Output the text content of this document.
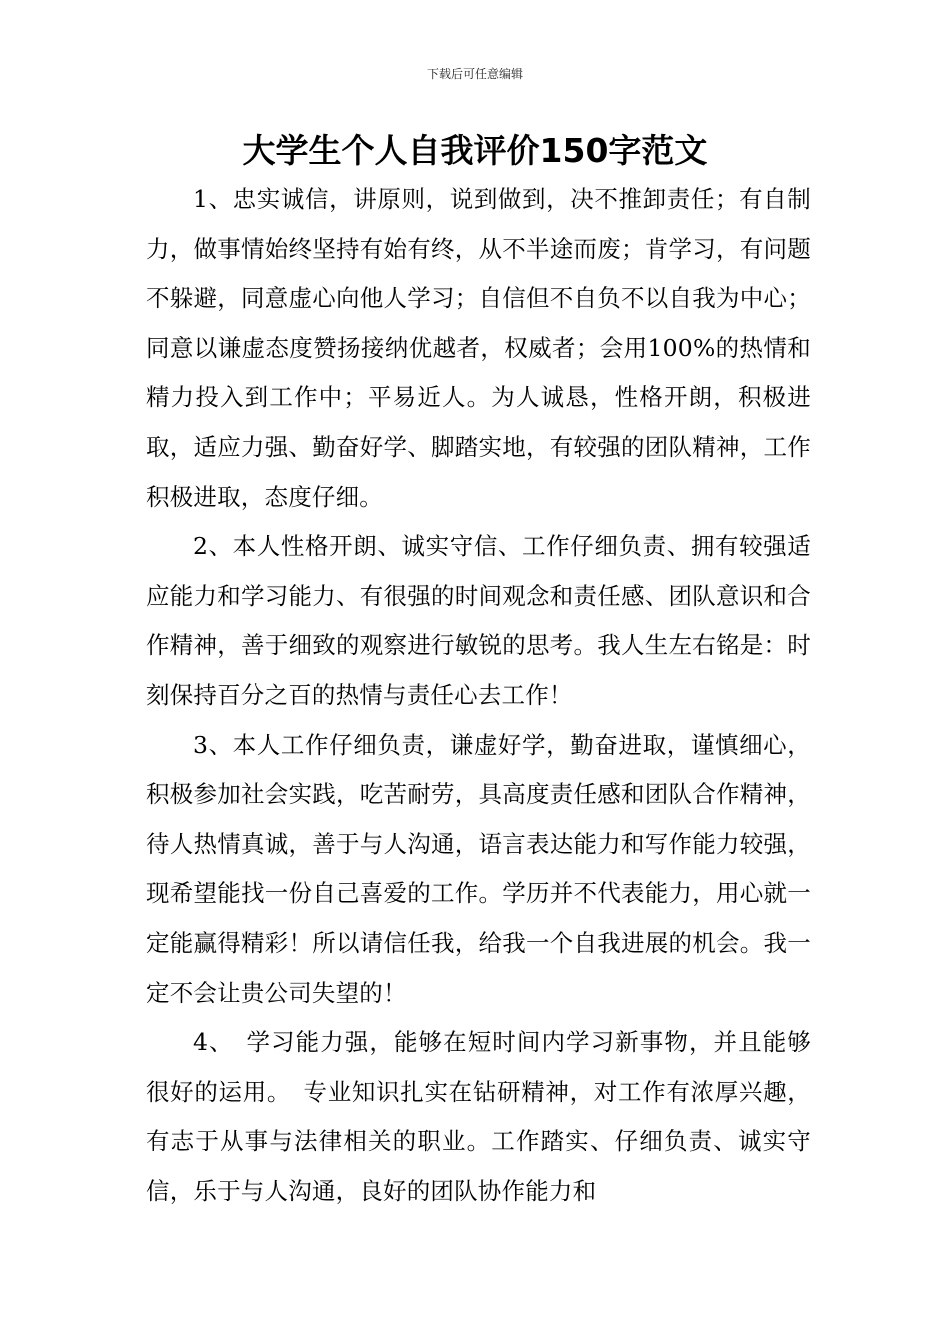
下载后可任意编辑
大学生个人自我评价150字范文

1、忠实诚信，讲原则，说到做到，决不推卸责任；有自制力，做事情始终坚持有始有终，从不半途而废；肯学习，有问题不躲避，同意虚心向他人学习；自信但不自负不以自我为中心；同意以谦虚态度赞扬接纳优越者，权威者；会用100%的热情和精力投入到工作中；平易近人。为人诚恳，性格开朗，积极进取，适应力强、勤奋好学、脚踏实地，有较强的团队精神，工作积极进取，态度仔细。

2、本人性格开朗、诚实守信、工作仔细负责、拥有较强适应能力和学习能力、有很强的时间观念和责任感、团队意识和合作精神，善于细致的观察进行敏锐的思考。我人生左右铭是：时刻保持百分之百的热情与责任心去工作！

3、本人工作仔细负责，谦虚好学，勤奋进取，谨慎细心，积极参加社会实践，吃苦耐劳，具高度责任感和团队合作精神，待人热情真诚，善于与人沟通，语言表达能力和写作能力较强，现希望能找一份自己喜爱的工作。学历并不代表能力，用心就一定能赢得精彩！所以请信任我，给我一个自我进展的机会。我一定不会让贵公司失望的！

4、　学习能力强，能够在短时间内学习新事物，并且能够很好的运用。　专业知识扎实在钻研精神，对工作有浓厚兴趣，有志于从事与法律相关的职业。工作踏实、仔细负责、诚实守信，乐于与人沟通，良好的团队协作能力和
